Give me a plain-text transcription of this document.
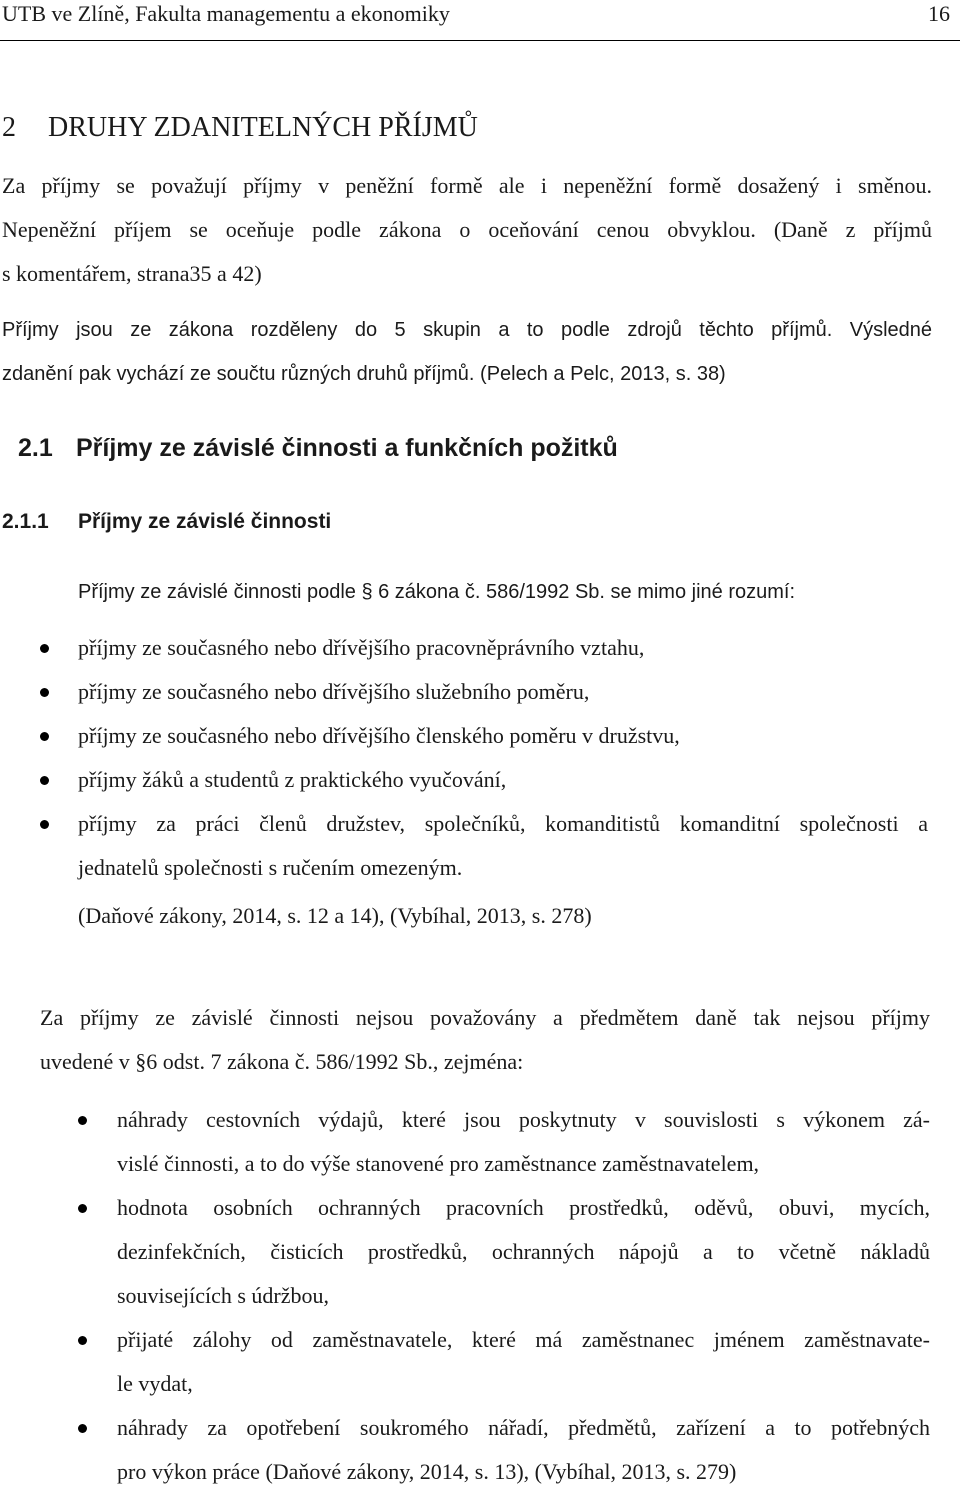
UTB ve Zlíně, Fakulta managementu a ekonomiky	16
2 DRUHY ZDANITELNÝCH PŘÍJMŮ

Za příjmy se považují příjmy v peněžní formě ale i nepeněžní formě dosažený i směnou.
Nepeněžní příjem se oceňuje podle zákona o oceňování cenou obvyklou. (Daně z příjmů
s komentářem, strana35 a 42)

Příjmy jsou ze zákona rozděleny do 5 skupin a to podle zdrojů těchto příjmů. Výsledné
zdanění pak vychází ze součtu různých druhů příjmů. (Pelech a Pelc, 2013, s. 38)

2.1 Příjmy ze závislé činnosti a funkčních požitků
2.1.1 Příjmy ze závislé činnosti

Příjmy ze závislé činnosti podle § 6 zákona č. 586/1992 Sb. se mimo jiné rozumí:

příjmy ze současného nebo dřívějšího pracovněprávního vztahu,
příjmy ze současného nebo dřívějšího služebního poměru,
příjmy ze současného nebo dřívějšího členského poměru v družstvu,
příjmy žáků a studentů z praktického vyučování,
příjmy za práci členů družstev, společníků, komanditistů komanditní společnosti a
jednatelů společnosti s ručením omezeným.

(Daňové zákony, 2014, s. 12 a 14), (Vybíhal, 2013, s. 278)

Za příjmy ze závislé činnosti nejsou považovány a předmětem daně tak nejsou příjmy
uvedené v §6 odst. 7 zákona č. 586/1992 Sb., zejména:

náhrady cestovních výdajů, které jsou poskytnuty v souvislosti s výkonem zá-
vislé činnosti, a to do výše stanovené pro zaměstnance zaměstnavatelem,
hodnota osobních ochranných pracovních prostředků, oděvů, obuvi, mycích,
dezinfekčních, čisticích prostředků, ochranných nápojů a to včetně nákladů
souvisejících s údržbou,
přijaté zálohy od zaměstnavatele, které má zaměstnanec jménem zaměstnavate-
le vydat,
náhrady za opotřebení soukromého nářadí, předmětů, zařízení a to potřebných
pro výkon práce (Daňové zákony, 2014, s. 13), (Vybíhal, 2013, s. 279)
